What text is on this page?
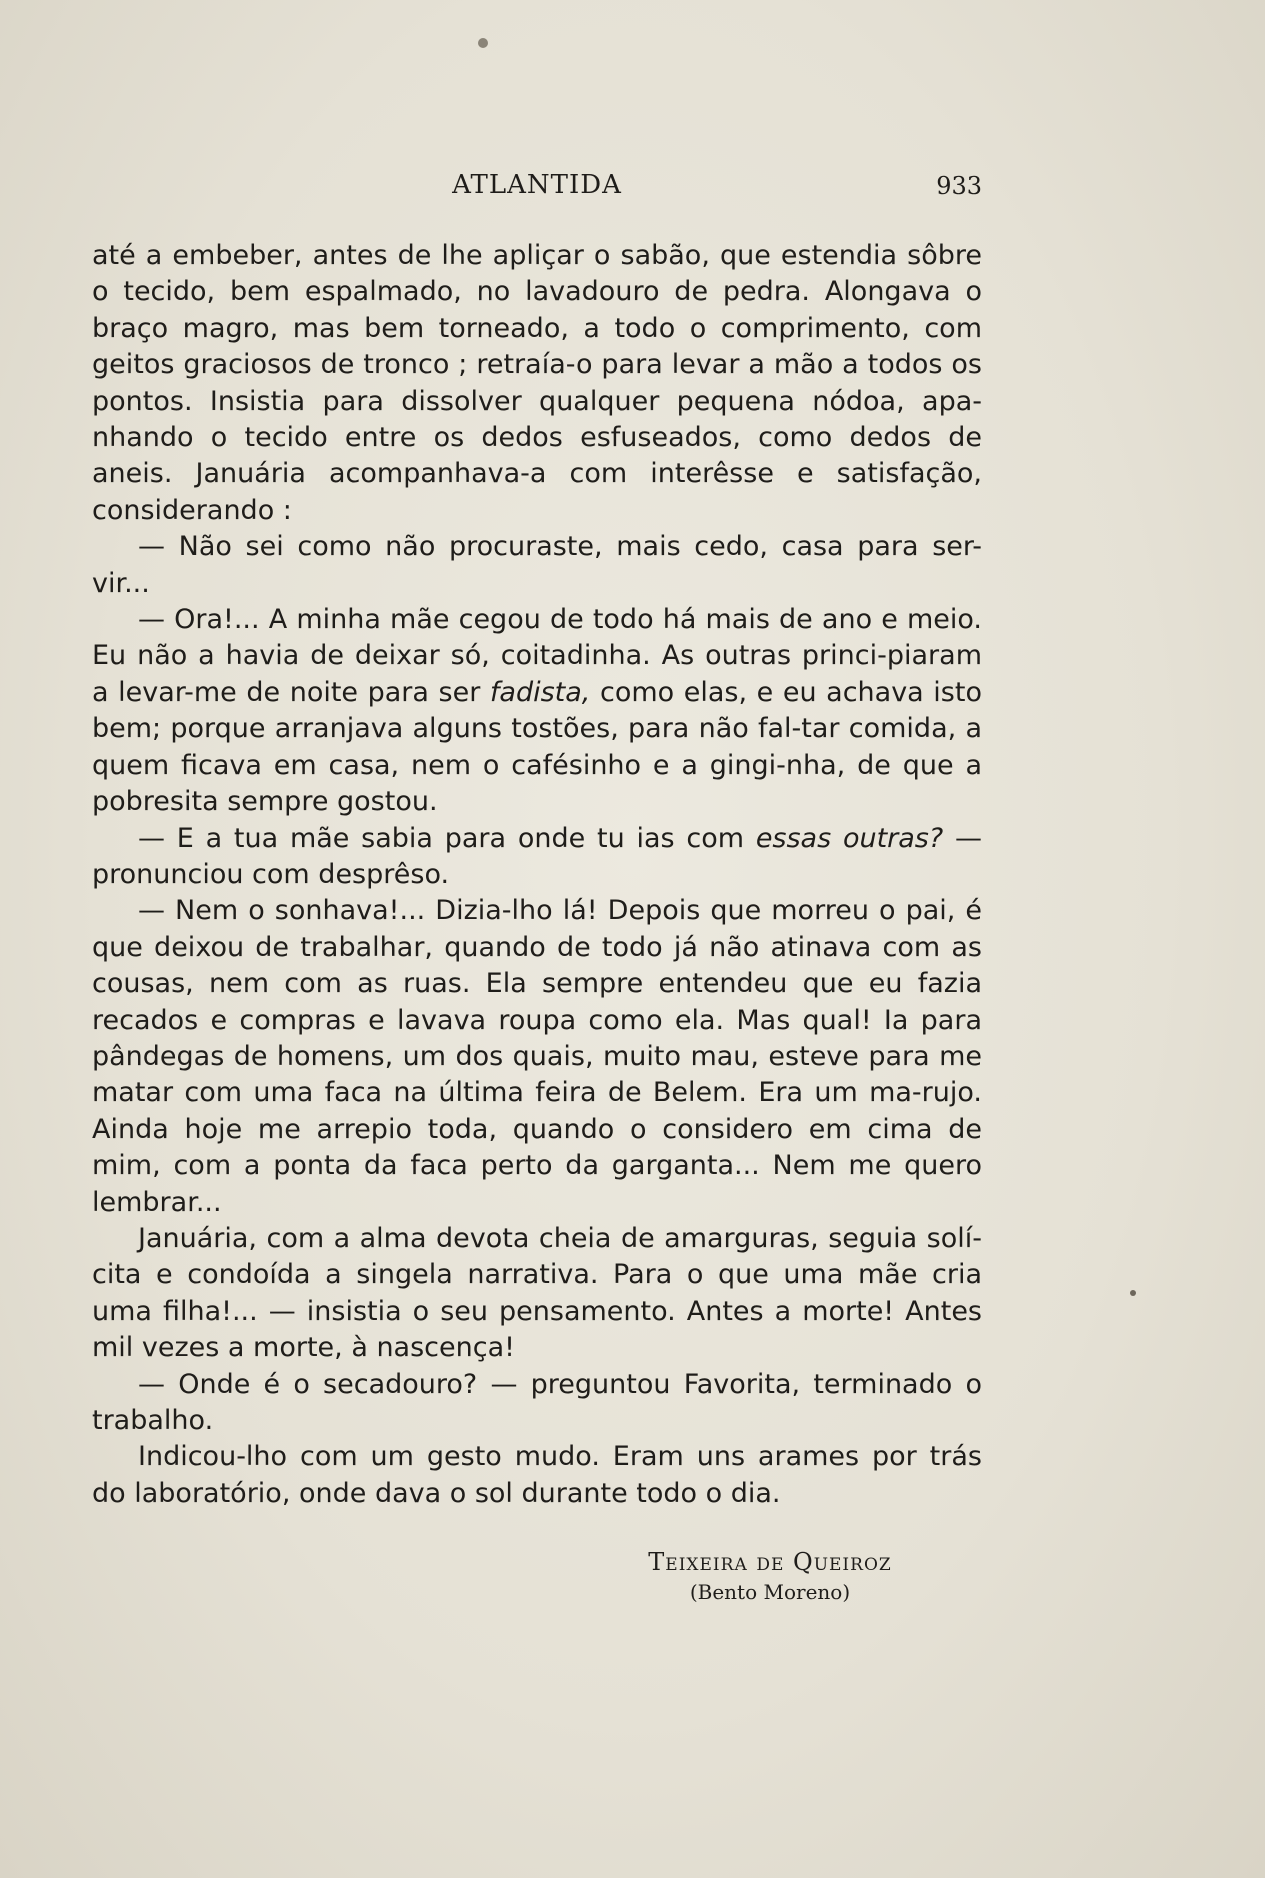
ATLANTIDA	933

até a embeber, antes de lhe apliçar o sabão, que estendia sôbre o tecido, bem espalmado, no lavadouro de pedra. Alongava o braço magro, mas bem torneado, a todo o comprimento, com geitos graciosos de tronco ; retraía-o para levar a mão a todos os pontos. Insistia para dissolver qualquer pequena nódoa, apa-nhando o tecido entre os dedos esfuseados, como dedos de aneis. Januária acompanhava-a com interêsse e satisfação, considerando :

— Não sei como não procuraste, mais cedo, casa para ser-vir...

— Ora!... A minha mãe cegou de todo há mais de ano e meio. Eu não a havia de deixar só, coitadinha. As outras princi-piaram a levar-me de noite para ser fadista, como elas, e eu achava isto bem; porque arranjava alguns tostões, para não fal-tar comida, a quem ficava em casa, nem o cafésinho e a gingi-nha, de que a pobresita sempre gostou.

— E a tua mãe sabia para onde tu ias com essas outras? — pronunciou com desprêso.

— Nem o sonhava!... Dizia-lho lá! Depois que morreu o pai, é que deixou de trabalhar, quando de todo já não atinava com as cousas, nem com as ruas. Ela sempre entendeu que eu fazia recados e compras e lavava roupa como ela. Mas qual! Ia para pândegas de homens, um dos quais, muito mau, esteve para me matar com uma faca na última feira de Belem. Era um ma-rujo. Ainda hoje me arrepio toda, quando o considero em cima de mim, com a ponta da faca perto da garganta... Nem me quero lembrar...

Januária, com a alma devota cheia de amarguras, seguia solí-cita e condoída a singela narrativa. Para o que uma mãe cria uma filha!... — insistia o seu pensamento. Antes a morte! Antes mil vezes a morte, à nascença!

— Onde é o secadouro? — preguntou Favorita, terminado o trabalho.

Indicou-lho com um gesto mudo. Eram uns arames por trás do laboratório, onde dava o sol durante todo o dia.

Teixeira de Queiroz
(Bento Moreno)
